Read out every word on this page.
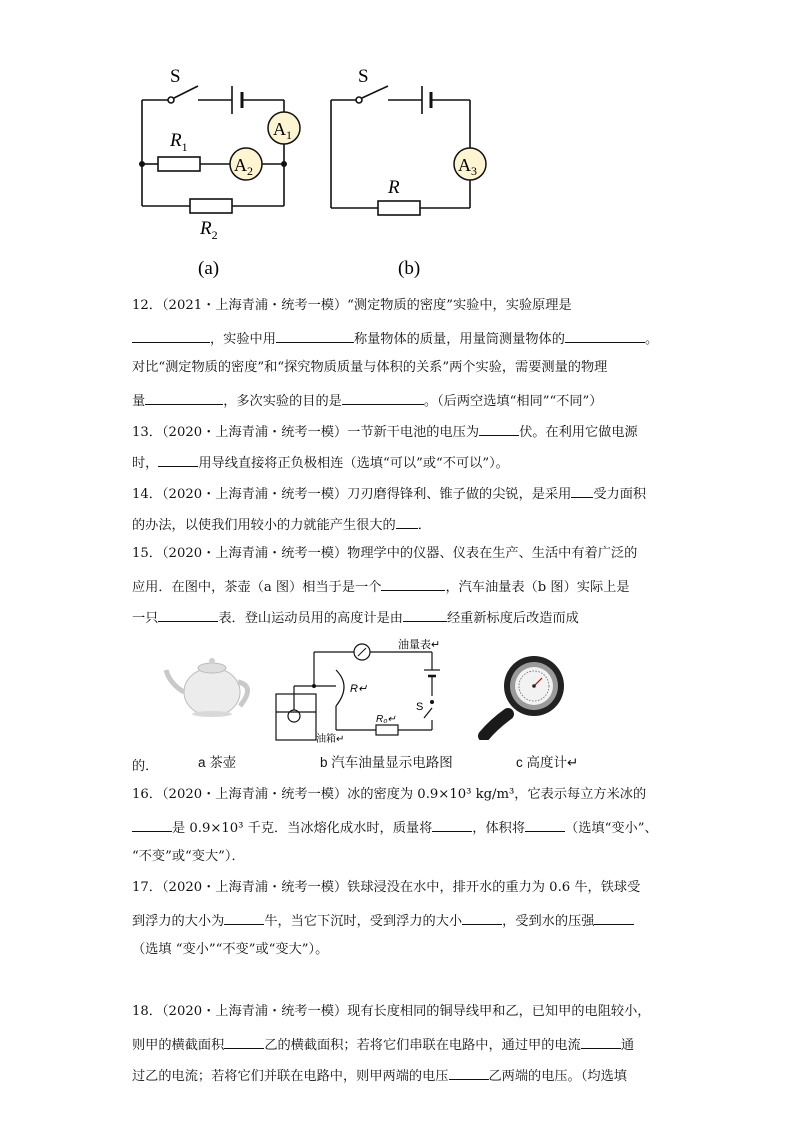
S
$A_1$
$A_2$
$R_1$
$R_2$
(a)
S
$A_3$
R
(b)
12．（2021・上海青浦・统考一模）“测定物质的密度”实验中，实验原理是
，实验中用	称量物体的质量，用量筒测量物体的	。
对比“测定物质的密度”和“探究物质质量与体积的关系”两个实验，需要测量的物理
量	，多次实验的目的是	。（后两空选填“相同”“不同”）
13．（2020・上海青浦・统考一模）一节新干电池的电压为	伏。在利用它做电源
时，	用导线直接将正负极相连（选填“可以”或“不可以”）。
14．（2020・上海青浦・统考一模）刀刃磨得锋利、锥子做的尖锐，是采用 受力面积
的办法，以使我们用较小的力就能产生很大的 ．
15．（2020・上海青浦・统考一模）物理学中的仪器、仪表在生产、生活中有着广泛的
应用．在图中，茶壶（a 图）相当于是一个	，汽车油量表（b 图）实际上是
一只	表．登山运动员用的高度计是由	经重新标度后改造而成
油量表↵
R↵
R₀↵
S
油箱↵
a 茶壶	b 汽车油量显示电路图	c 高度计↵
的．
16．（2020・上海青浦・统考一模）冰的密度为 0.9×10³ kg/m³，它表示每立方米冰的
是 0.9×10³ 千克．当冰熔化成水时，质量将	，体积将	（选填“变小”、
“不变”或“变大”）．
17．（2020・上海青浦・统考一模）铁球浸没在水中，排开水的重力为 0.6 牛，铁球受
到浮力的大小为	牛，当它下沉时，受到浮力的大小	，受到水的压强
（选填 “变小”“不变”或“变大”）。
18．（2020・上海青浦・统考一模）现有长度相同的铜导线甲和乙，已知甲的电阻较小，
则甲的横截面积	乙的横截面积；若将它们串联在电路中，通过甲的电流	通
过乙的电流；若将它们并联在电路中，则甲两端的电压	乙两端的电压。（均选填
